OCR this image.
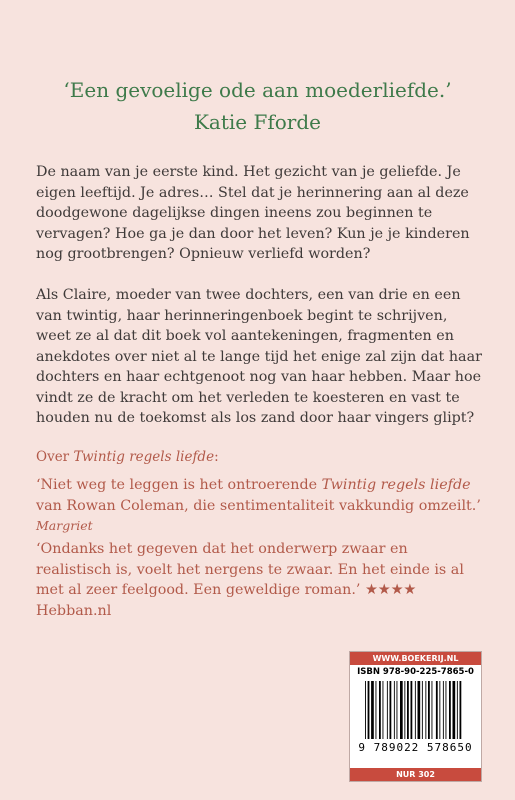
‘Een gevoelige ode aan moederliefde.’
Katie Fforde
De naam van je eerste kind. Het gezicht van je geliefde. Je eigen leeftijd. Je adres… Stel dat je herinnering aan al deze doodgewone dagelijkse dingen ineens zou beginnen te vervagen? Hoe ga je dan door het leven? Kun je je kinderen nog grootbrengen? Opnieuw verliefd worden?
Als Claire, moeder van twee dochters, een van drie en een van twintig, haar herinneringenboek begint te schrijven, weet ze al dat dit boek vol aantekeningen, fragmenten en anekdotes over niet al te lange tijd het enige zal zijn dat haar dochters en haar echtgenoot nog van haar hebben. Maar hoe vindt ze de kracht om het verleden te koesteren en vast te houden nu de toekomst als los zand door haar vingers glipt?
Over Twintig regels liefde:
‘Niet weg te leggen is het ontroerende Twintig regels liefde van Rowan Coleman, die sentimentaliteit vakkundig omzeilt.’ Margriet
‘Ondanks het gegeven dat het onderwerp zwaar en realistisch is, voelt het nergens te zwaar. En het einde is al met al zeer feelgood. Een geweldige roman.’ ★★★★ Hebban.nl
WWW.BOEKERIJ.NL
ISBN 978-90-225-7865-0
9 789022 578650
NUR 302
